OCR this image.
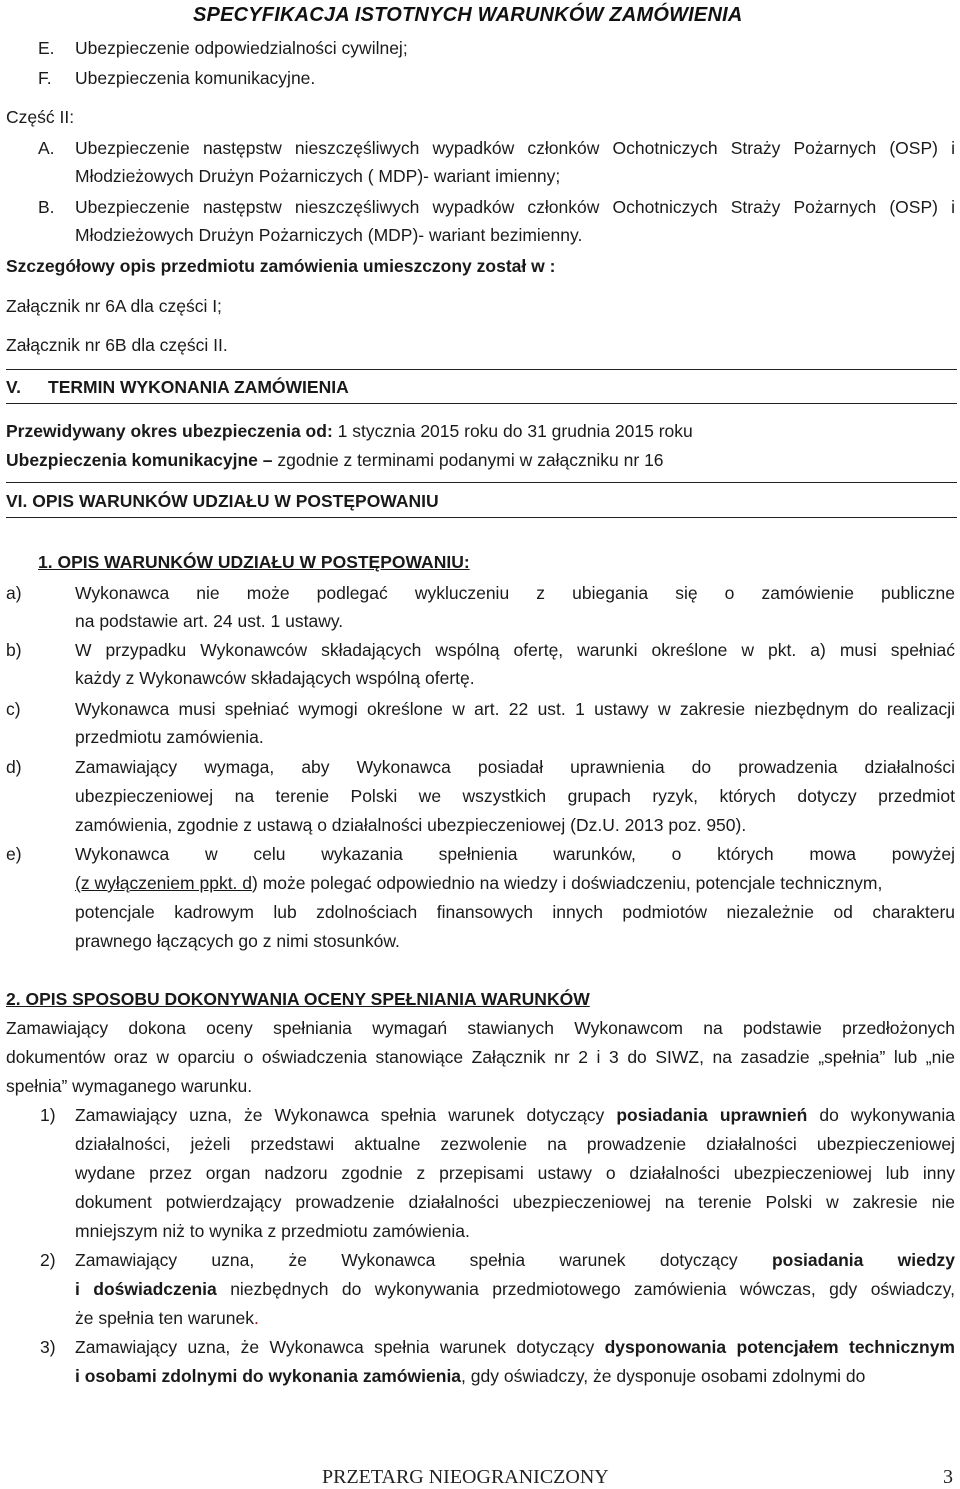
SPECYFIKACJA ISTOTNYCH WARUNKÓW ZAMÓWIENIA
E. Ubezpieczenie odpowiedzialności cywilnej;
F. Ubezpieczenia komunikacyjne.
Część II:
A. Ubezpieczenie następstw nieszczęśliwych wypadków członków Ochotniczych Straży Pożarnych (OSP) i
Młodzieżowych Drużyn Pożarniczych ( MDP)- wariant imienny;
B. Ubezpieczenie następstw nieszczęśliwych wypadków członków Ochotniczych Straży Pożarnych (OSP) i
Młodzieżowych Drużyn Pożarniczych (MDP)- wariant bezimienny.
Szczegółowy opis przedmiotu zamówienia umieszczony został w :
Załącznik nr 6A dla części I;
Załącznik nr 6B dla części II.
V. TERMIN WYKONANIA ZAMÓWIENIA
Przewidywany okres ubezpieczenia od: 1 stycznia 2015 roku do 31 grudnia 2015 roku
Ubezpieczenia komunikacyjne – zgodnie z terminami podanymi w załączniku nr 16
VI. OPIS WARUNKÓW UDZIAŁU W POSTĘPOWANIU
1. OPIS WARUNKÓW UDZIAŁU W POSTĘPOWANIU:
a)	Wykonawca nie może podlegać wykluczeniu z ubiegania się o zamówienie publiczne
na podstawie art. 24 ust. 1 ustawy.
b)	W przypadku Wykonawców składających wspólną ofertę, warunki określone w pkt. a) musi spełniać
każdy z Wykonawców składających wspólną ofertę.
c)	Wykonawca musi spełniać wymogi określone w art. 22 ust. 1 ustawy w zakresie niezbędnym do realizacji
przedmiotu zamówienia.
d)	Zamawiający wymaga, aby Wykonawca posiadał uprawnienia do prowadzenia działalności
ubezpieczeniowej na terenie Polski we wszystkich grupach ryzyk, których dotyczy przedmiot
zamówienia, zgodnie z ustawą o działalności ubezpieczeniowej (Dz.U. 2013 poz. 950).
e)	Wykonawca w celu wykazania spełnienia warunków, o których mowa powyżej
(z wyłączeniem ppkt. d) może polegać odpowiednio na wiedzy i doświadczeniu, potencjale technicznym,
potencjale kadrowym lub zdolnościach finansowych innych podmiotów niezależnie od charakteru
prawnego łączących go z nimi stosunków.
2. OPIS SPOSOBU DOKONYWANIA OCENY SPEŁNIANIA WARUNKÓW
Zamawiający dokona oceny spełniania wymagań stawianych Wykonawcom na podstawie przedłożonych
dokumentów oraz w oparciu o oświadczenia stanowiące Załącznik nr 2 i 3 do SIWZ, na zasadzie „spełnia” lub „nie
spełnia” wymaganego warunku.
1) Zamawiający uzna, że Wykonawca spełnia warunek dotyczący posiadania uprawnień do wykonywania
działalności, jeżeli przedstawi aktualne zezwolenie na prowadzenie działalności ubezpieczeniowej
wydane przez organ nadzoru zgodnie z przepisami ustawy o działalności ubezpieczeniowej lub inny
dokument potwierdzający prowadzenie działalności ubezpieczeniowej na terenie Polski w zakresie nie
mniejszym niż to wynika z przedmiotu zamówienia.
2) Zamawiający uzna, że Wykonawca spełnia warunek dotyczący posiadania wiedzy
i doświadczenia niezbędnych do wykonywania przedmiotowego zamówienia wówczas, gdy oświadczy,
że spełnia ten warunek.
3) Zamawiający uzna, że Wykonawca spełnia warunek dotyczący dysponowania potencjałem technicznym
i osobami zdolnymi do wykonania zamówienia, gdy oświadczy, że dysponuje osobami zdolnymi do
PRZETARG NIEOGRANICZONY	3
